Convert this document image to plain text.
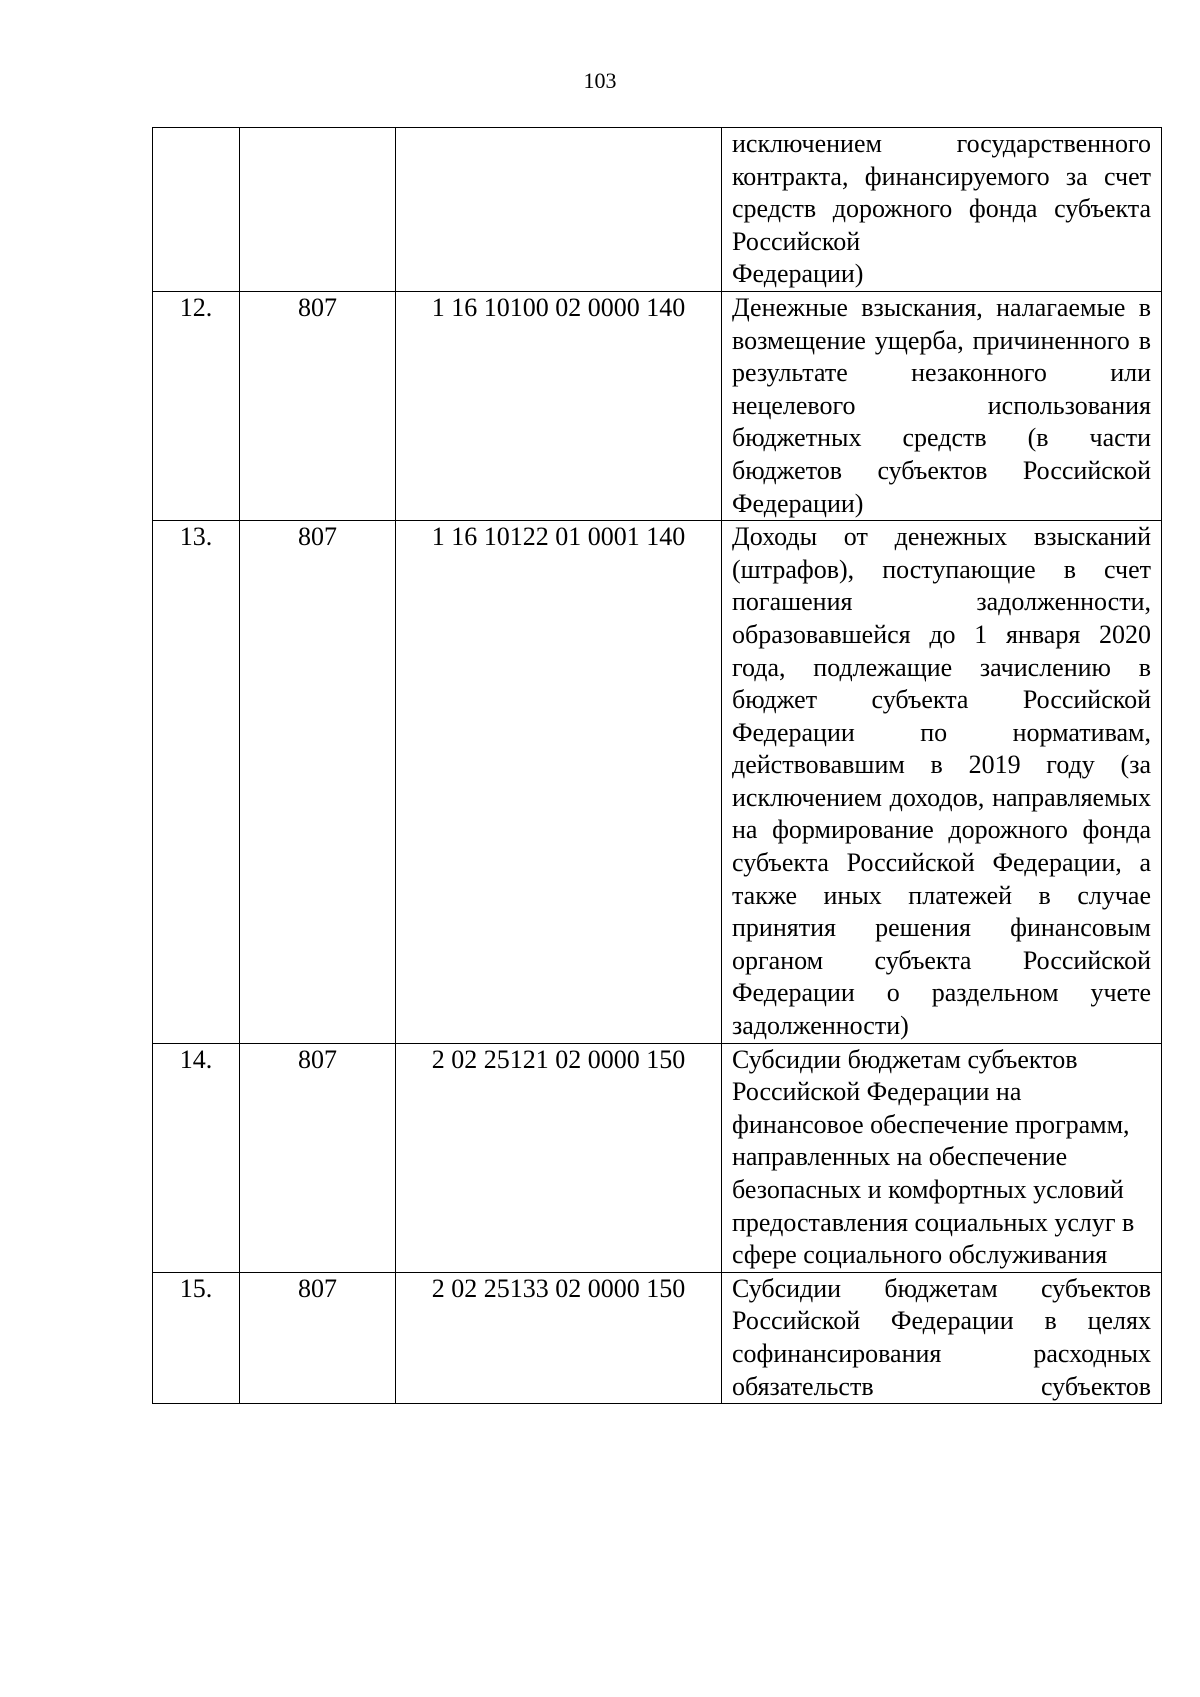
103

			исключением государственного контракта, финансируемого за счет средств дорожного фонда субъекта Российской
Федерации)

12.	807	1 16 10100 02 0000 140	Денежные взыскания, налагаемые в возмещение ущерба, причиненного в результате незаконного или нецелевого использования бюджетных средств (в части бюджетов субъектов Российской
Федерации)

13.	807	1 16 10122 01 0001 140	Доходы от денежных взысканий (штрафов), поступающие в счет погашения задолженности, образовавшейся до 1 января 2020 года, подлежащие зачислению в бюджет субъекта Российской Федерации по нормативам, действовавшим в 2019 году (за исключением доходов, направляемых на формирование дорожного фонда субъекта Российской Федерации, а также иных платежей в случае принятия решения финансовым органом субъекта Российской Федерации о раздельном учете
задолженности)

14.	807	2 02 25121 02 0000 150	Субсидии бюджетам субъектов Российской Федерации на финансовое обеспечение программ, направленных на обеспечение безопасных и комфортных условий предоставления социальных услуг в сфере социального обслуживания

15.	807	2 02 25133 02 0000 150	Субсидии бюджетам субъектов Российской Федерации в целях софинансирования расходных обязательств субъектов
